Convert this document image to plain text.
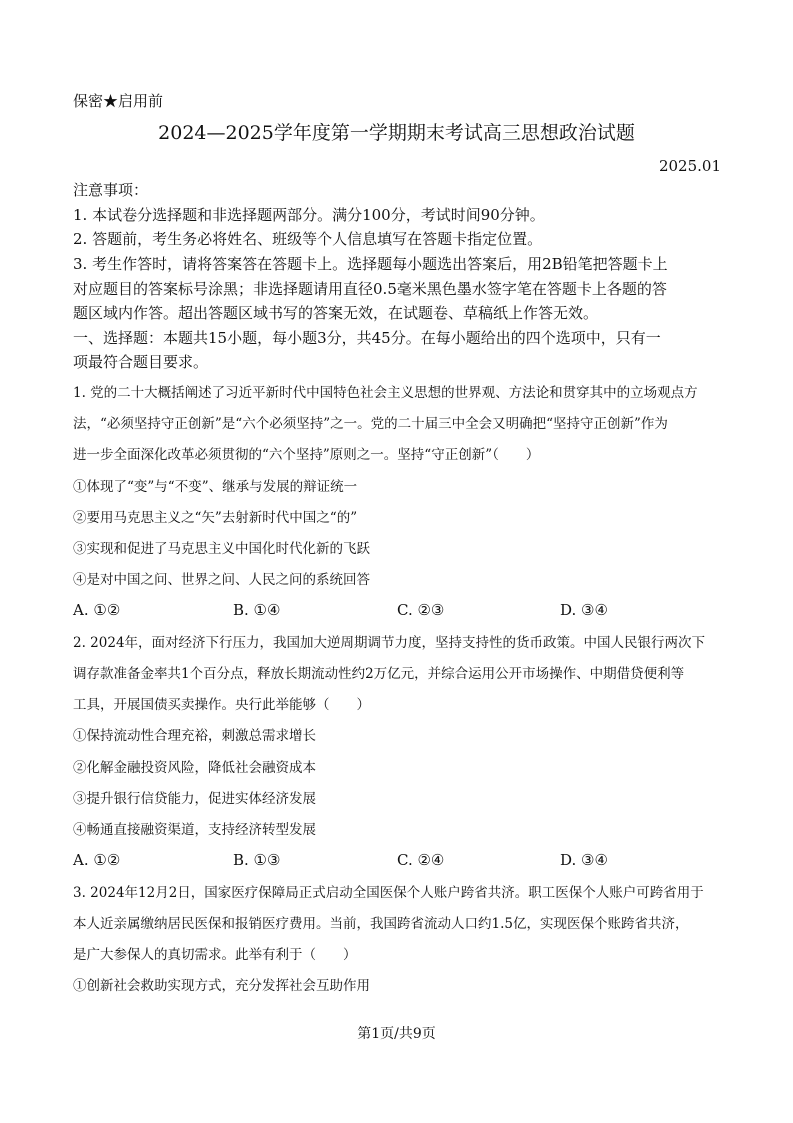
保密★启用前
2024—2025学年度第一学期期末考试高三思想政治试题
2025.01
注意事项：
1. 本试卷分选择题和非选择题两部分。满分100分，考试时间90分钟。
2. 答题前，考生务必将姓名、班级等个人信息填写在答题卡指定位置。
3. 考生作答时，请将答案答在答题卡上。选择题每小题选出答案后，用2B铅笔把答题卡上
对应题目的答案标号涂黑；非选择题请用直径0.5毫米黑色墨水签字笔在答题卡上各题的答
题区域内作答。超出答题区域书写的答案无效，在试题卷、草稿纸上作答无效。
一、选择题：本题共15小题，每小题3分，共45分。在每小题给出的四个选项中，只有一
项最符合题目要求。
1. 党的二十大概括阐述了习近平新时代中国特色社会主义思想的世界观、方法论和贯穿其中的立场观点方
法，“必须坚持守正创新”是“六个必须坚持”之一。党的二十届三中全会又明确把“坚持守正创新”作为
进一步全面深化改革必须贯彻的“六个坚持”原则之一。坚持“守正创新”（　　）
①体现了“变”与“不变”、继承与发展的辩证统一
②要用马克思主义之“矢”去射新时代中国之“的”
③实现和促进了马克思主义中国化时代化新的飞跃
④是对中国之问、世界之问、人民之问的系统回答
A. ①②	B. ①④	C. ②③	D. ③④
2. 2024年，面对经济下行压力，我国加大逆周期调节力度，坚持支持性的货币政策。中国人民银行两次下
调存款准备金率共1个百分点，释放长期流动性约2万亿元，并综合运用公开市场操作、中期借贷便利等
工具，开展国债买卖操作。央行此举能够（　　）
①保持流动性合理充裕，刺激总需求增长
②化解金融投资风险，降低社会融资成本
③提升银行信贷能力，促进实体经济发展
④畅通直接融资渠道，支持经济转型发展
A. ①②	B. ①③	C. ②④	D. ③④
3. 2024年12月2日，国家医疗保障局正式启动全国医保个人账户跨省共济。职工医保个人账户可跨省用于
本人近亲属缴纳居民医保和报销医疗费用。当前，我国跨省流动人口约1.5亿，实现医保个账跨省共济，
是广大参保人的真切需求。此举有利于（　　）
①创新社会救助实现方式，充分发挥社会互助作用
第1页/共9页
